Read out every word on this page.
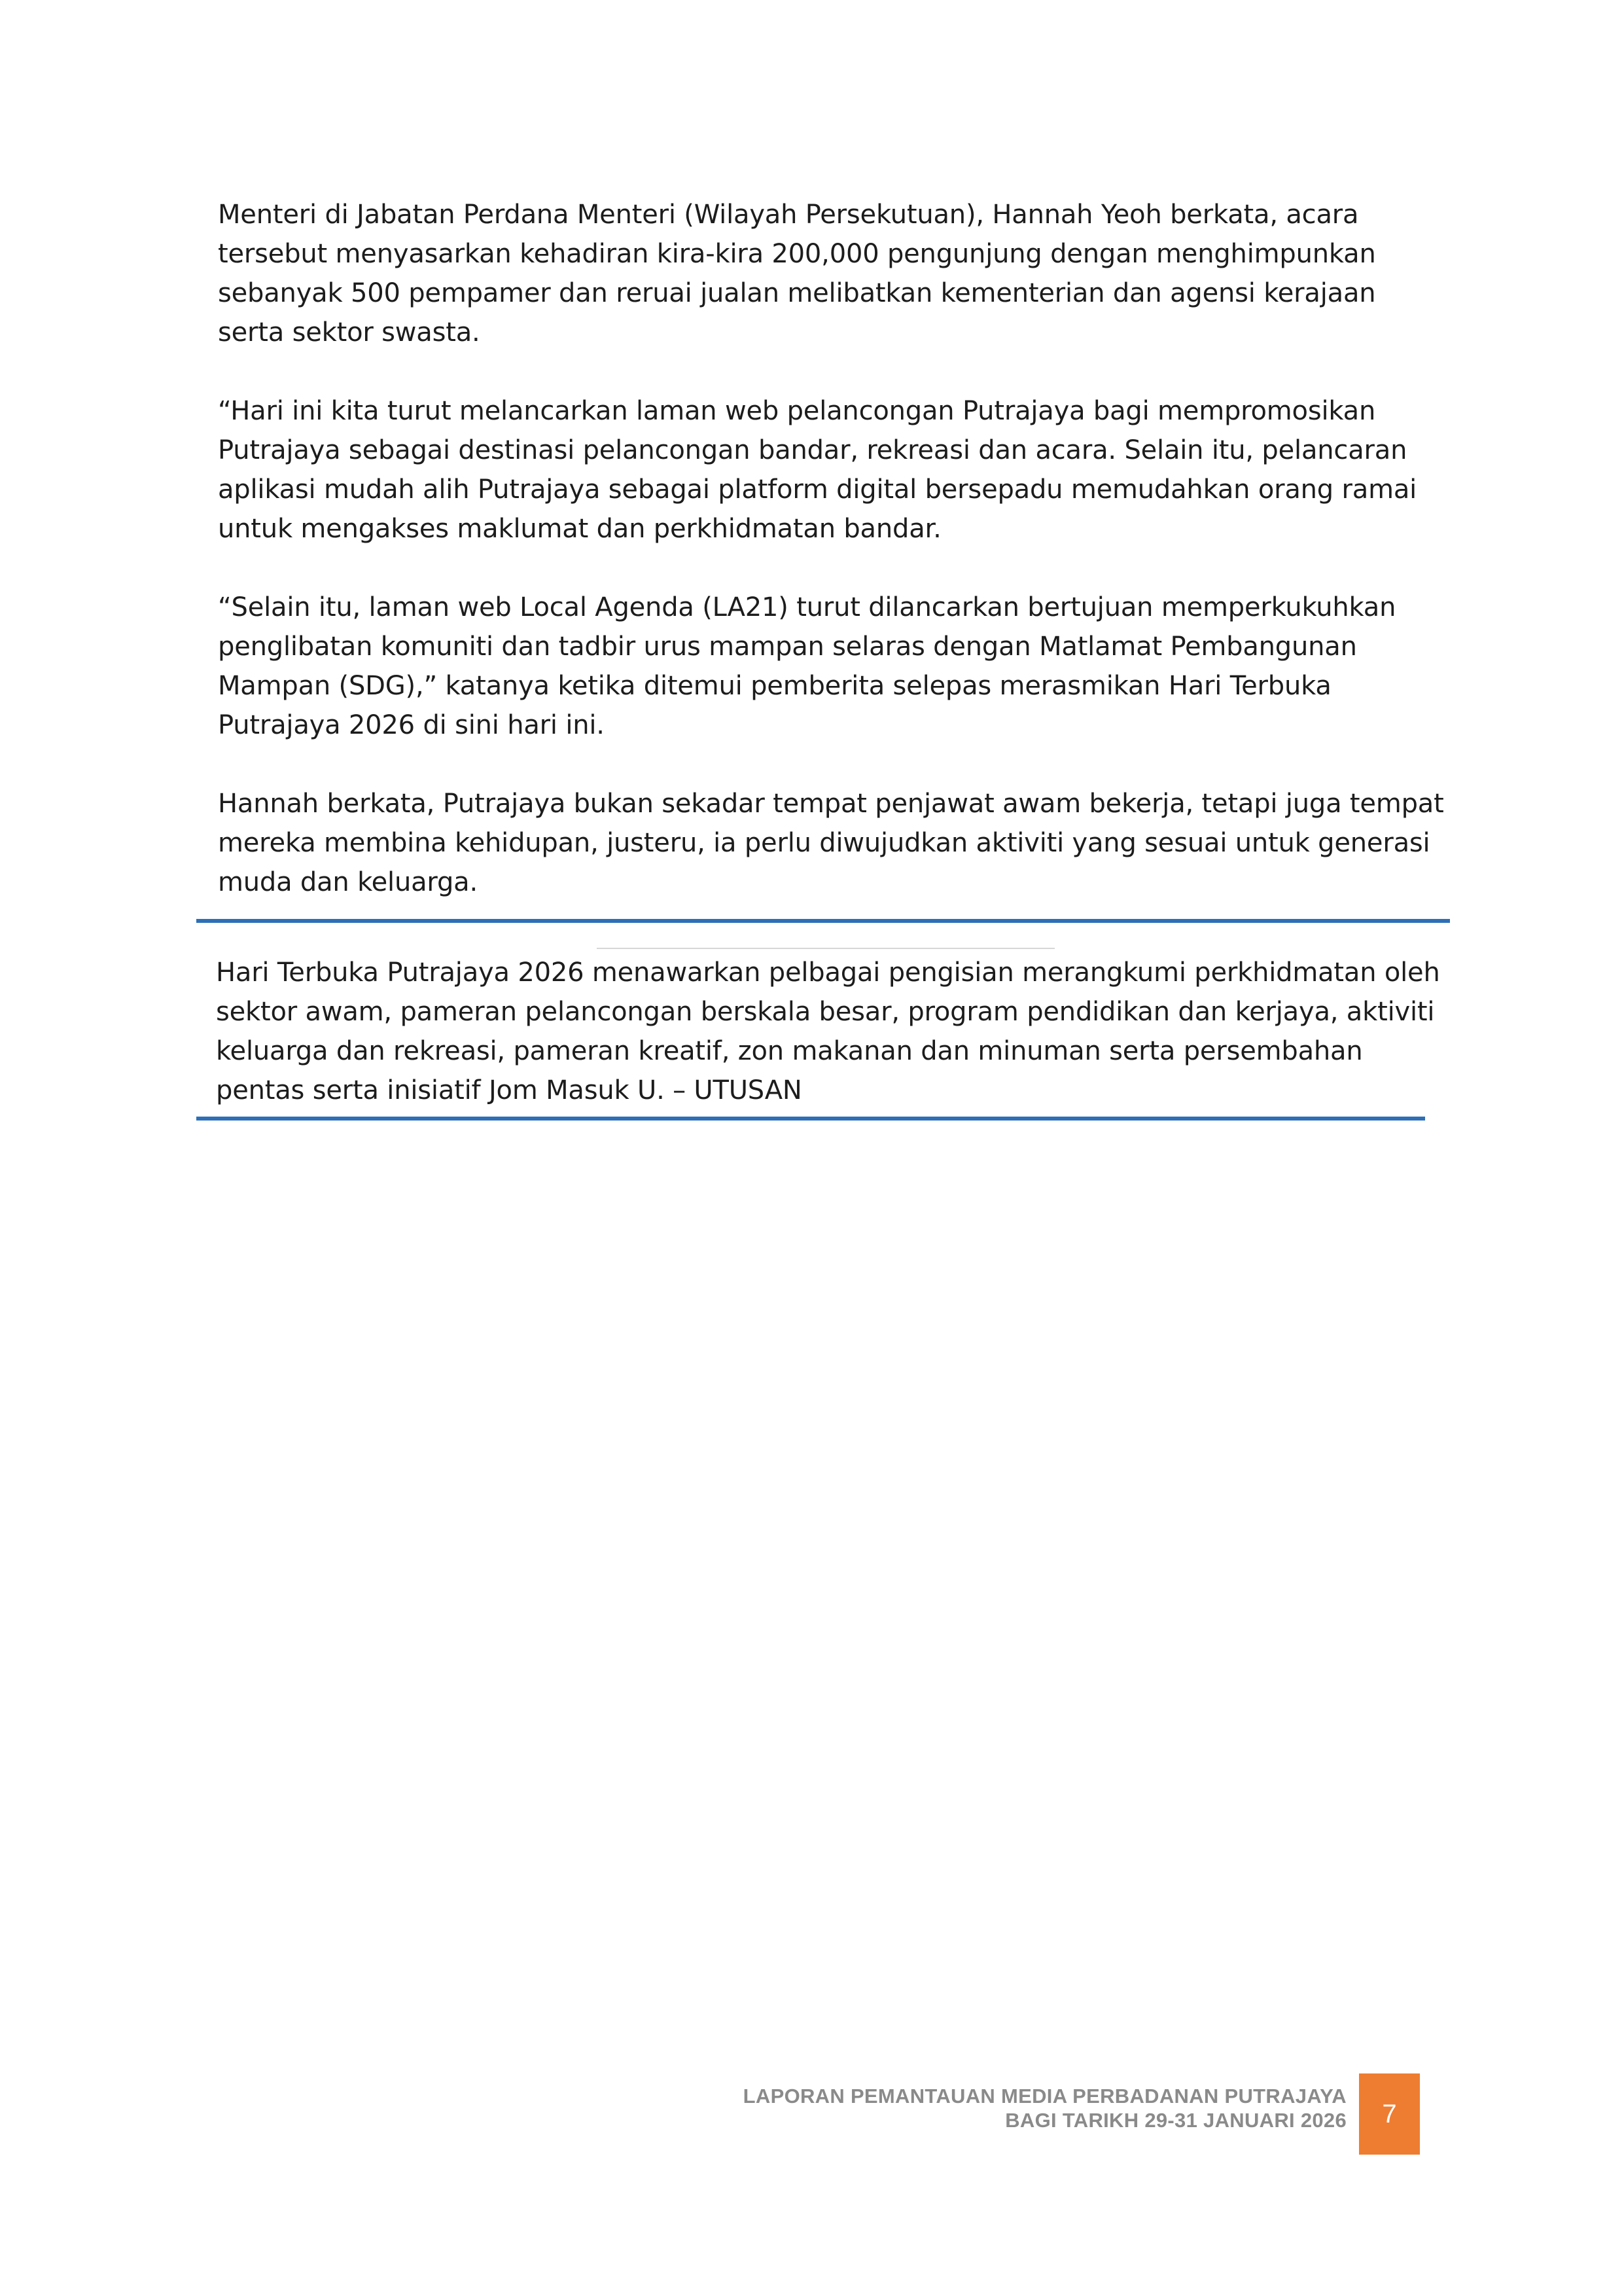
Menteri di Jabatan Perdana Menteri (Wilayah Persekutuan), Hannah Yeoh berkata, acara tersebut menyasarkan kehadiran kira-kira 200,000 pengunjung dengan menghimpunkan sebanyak 500 pempamer dan reruai jualan melibatkan kementerian dan agensi kerajaan serta sektor swasta.

“Hari ini kita turut melancarkan laman web pelancongan Putrajaya bagi mempromosikan Putrajaya sebagai destinasi pelancongan bandar, rekreasi dan acara. Selain itu, pelancaran aplikasi mudah alih Putrajaya sebagai platform digital bersepadu memudahkan orang ramai untuk mengakses maklumat dan perkhidmatan bandar.

“Selain itu, laman web Local Agenda (LA21) turut dilancarkan bertujuan memperkukuhkan penglibatan komuniti dan tadbir urus mampan selaras dengan Matlamat Pembangunan Mampan (SDG),” katanya ketika ditemui pemberita selepas merasmikan Hari Terbuka Putrajaya 2026 di sini hari ini.

Hannah berkata, Putrajaya bukan sekadar tempat penjawat awam bekerja, tetapi juga tempat mereka membina kehidupan, justeru, ia perlu diwujudkan aktiviti yang sesuai untuk generasi muda dan keluarga.

Hari Terbuka Putrajaya 2026 menawarkan pelbagai pengisian merangkumi perkhidmatan oleh sektor awam, pameran pelancongan berskala besar, program pendidikan dan kerjaya, aktiviti keluarga dan rekreasi, pameran kreatif, zon makanan dan minuman serta persembahan pentas serta inisiatif Jom Masuk U. – UTUSAN

LAPORAN PEMANTAUAN MEDIA PERBADANAN PUTRAJAYA
BAGI TARIKH 29-31 JANUARI 2026 7
